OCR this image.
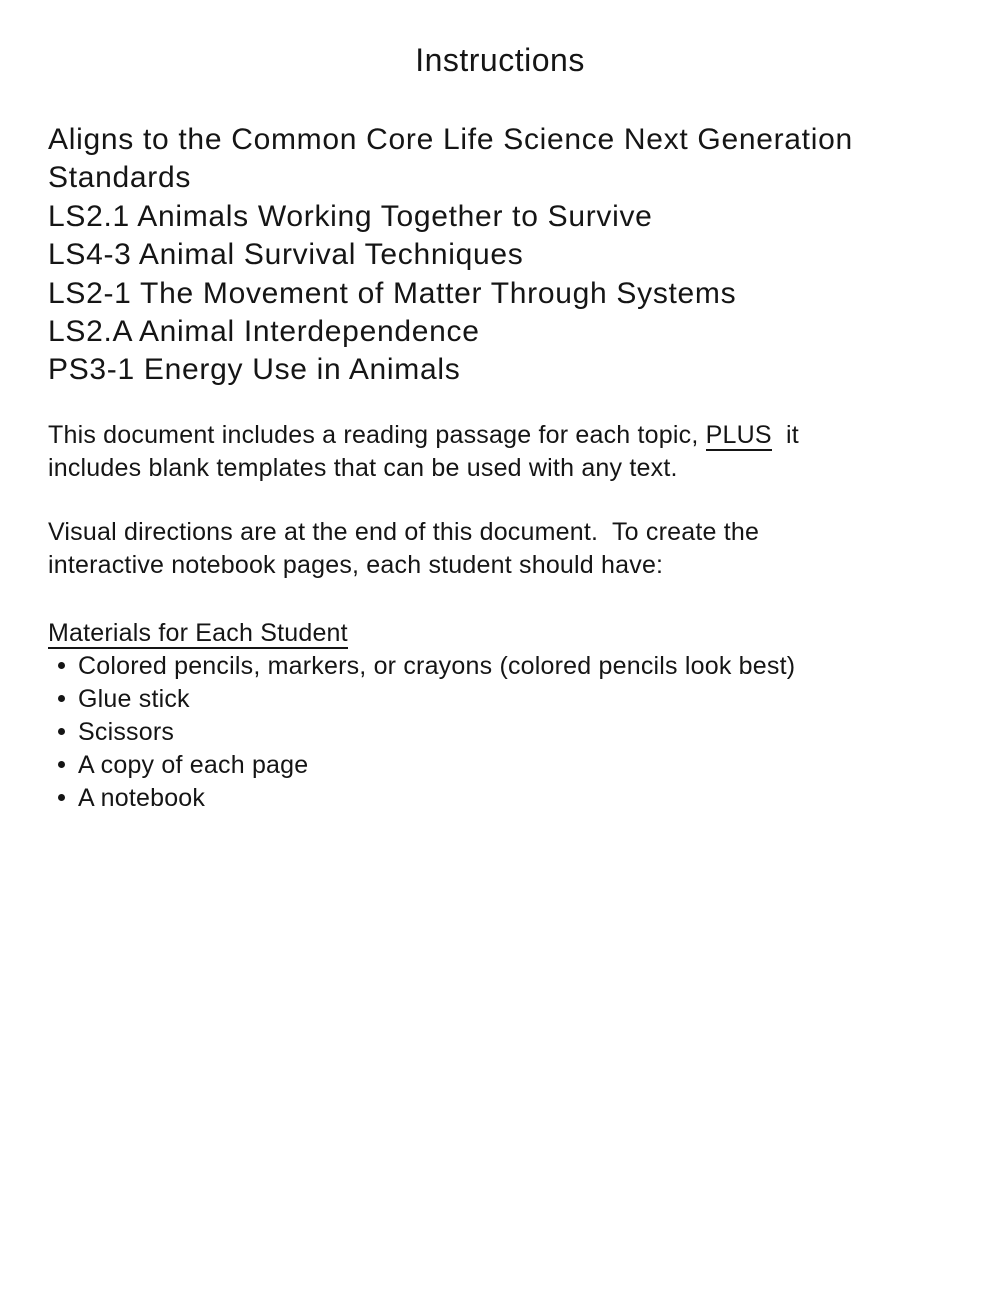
Instructions
Aligns to the Common Core Life Science Next Generation
Standards
LS2.1 Animals Working Together to Survive
LS4-3 Animal Survival Techniques
LS2-1 The Movement of Matter Through Systems
LS2.A Animal Interdependence
PS3-1 Energy Use in Animals
This document includes a reading passage for each topic, PLUS  it
includes blank templates that can be used with any text.
Visual directions are at the end of this document.  To create the
interactive notebook pages, each student should have:
Materials for Each Student
Colored pencils, markers, or crayons (colored pencils look best)
Glue stick
Scissors
A copy of each page
A notebook
